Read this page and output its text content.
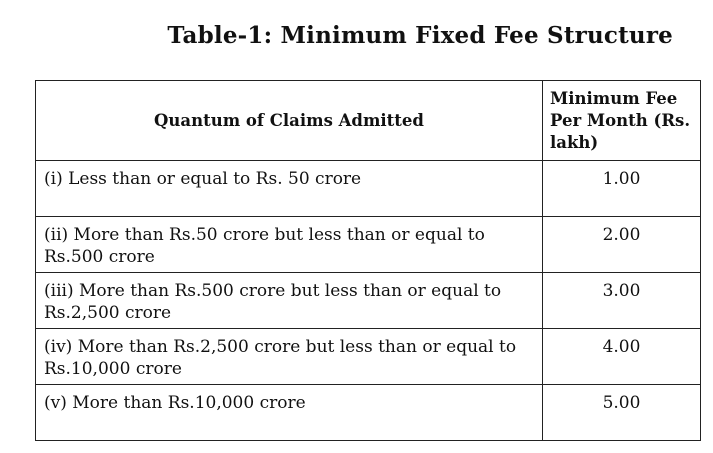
Table-1: Minimum Fixed Fee Structure
Quantum of Claims Admitted	Minimum Fee Per Month (Rs. lakh)
(i) Less than or equal to Rs. 50 crore	1.00
(ii) More than Rs.50 crore but less than or equal to Rs.500 crore	2.00
(iii) More than Rs.500 crore but less than or equal to Rs.2,500 crore	3.00
(iv) More than Rs.2,500 crore but less than or equal to Rs.10,000 crore	4.00
(v) More than Rs.10,000 crore	5.00
